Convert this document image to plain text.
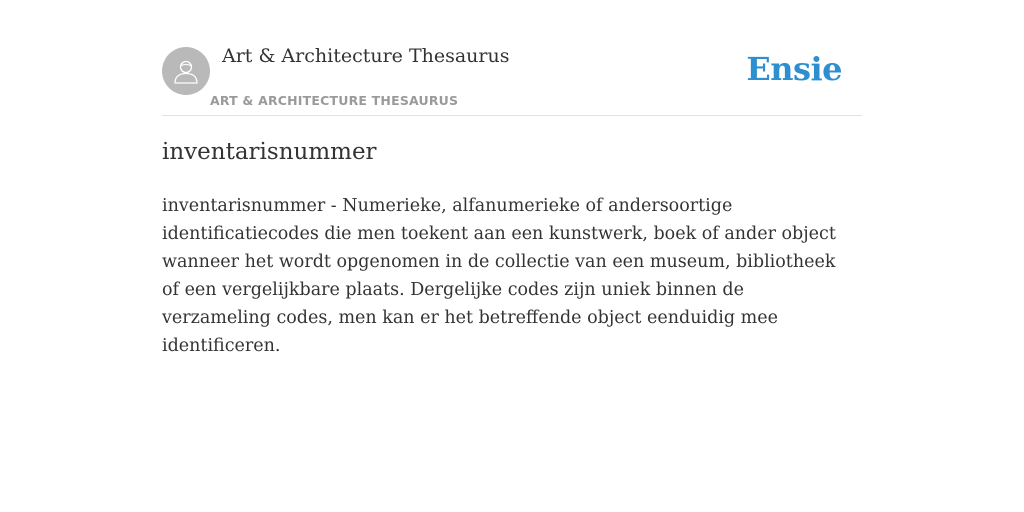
Art & Architecture Thesaurus
ART & ARCHITECTURE THESAURUS
Ensie
inventarisnummer

inventarisnummer - Numerieke, alfanumerieke of andersoortige identificatiecodes die men toekent aan een kunstwerk, boek of ander object wanneer het wordt opgenomen in de collectie van een museum, bibliotheek of een vergelijkbare plaats. Dergelijke codes zijn uniek binnen de verzameling codes, men kan er het betreffende object eenduidig mee identificeren.
